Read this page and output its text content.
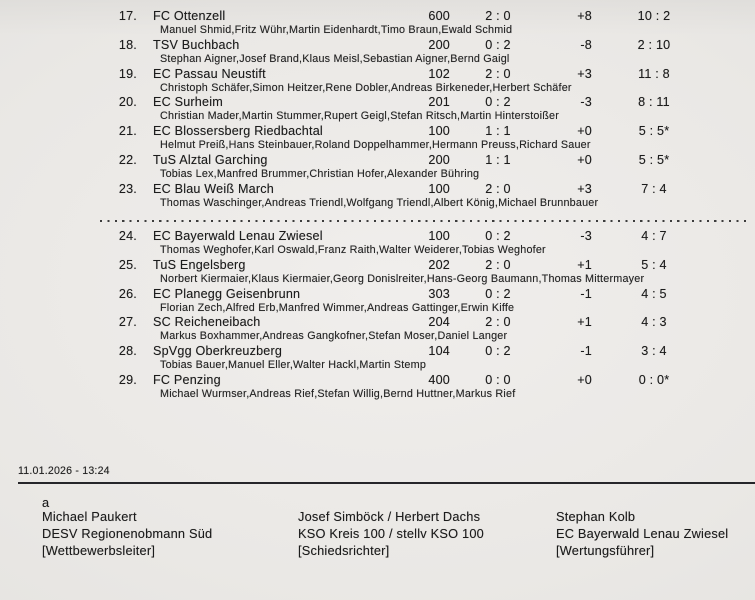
17. FC Ottenzell	600	2 : 0	+8	10 : 2
Manuel Shmid,Fritz Wühr,Martin Eidenhardt,Timo Braun,Ewald Schmid
18. TSV Buchbach	200	0 : 2	-8	2 : 10
Stephan Aigner,Josef Brand,Klaus Meisl,Sebastian Aigner,Bernd Gaigl
19. EC Passau Neustift	102	2 : 0	+3	11 : 8
Christoph Schäfer,Simon Heitzer,Rene Dobler,Andreas Birkeneder,Herbert Schäfer
20. EC Surheim	201	0 : 2	-3	8 : 11
Christian Mader,Martin Stummer,Rupert Geigl,Stefan Ritsch,Martin Hinterstoißer
21. EC Blossersberg Riedbachtal	100	1 : 1	+0	5 : 5*
Helmut Preiß,Hans Steinbauer,Roland Doppelhammer,Hermann Preuss,Richard Sauer
22. TuS Alztal Garching	200	1 : 1	+0	5 : 5*
Tobias Lex,Manfred Brummer,Christian Hofer,Alexander Bühring
23. EC Blau Weiß March	100	2 : 0	+3	7 : 4
Thomas Waschinger,Andreas Triendl,Wolfgang Triendl,Albert König,Michael Brunnbauer
24. EC Bayerwald Lenau Zwiesel	100	0 : 2	-3	4 : 7
Thomas Weghofer,Karl Oswald,Franz Raith,Walter Weiderer,Tobias Weghofer
25. TuS Engelsberg	202	2 : 0	+1	5 : 4
Norbert Kiermaier,Klaus Kiermaier,Georg Donislreiter,Hans-Georg Baumann,Thomas Mittermayer
26. EC Planegg Geisenbrunn	303	0 : 2	-1	4 : 5
Florian Zech,Alfred Erb,Manfred Wimmer,Andreas Gattinger,Erwin Kiffe
27. SC Reicheneibach	204	2 : 0	+1	4 : 3
Markus Boxhammer,Andreas Gangkofner,Stefan Moser,Daniel Langer
28. SpVgg Oberkreuzberg	104	0 : 2	-1	3 : 4
Tobias Bauer,Manuel Eller,Walter Hackl,Martin Stemp
29. FC Penzing	400	0 : 0	+0	0 : 0*
Michael Wurmser,Andreas Rief,Stefan Willig,Bernd Huttner,Markus Rief
11.01.2026 - 13:24
a
Michael Paukert
DESV Regionenobmann Süd
[Wettbewerbsleiter]
Josef Simböck / Herbert Dachs
KSO Kreis 100 / stellv KSO 100
[Schiedsrichter]
Stephan Kolb
EC Bayerwald Lenau Zwiesel
[Wertungsführer]
